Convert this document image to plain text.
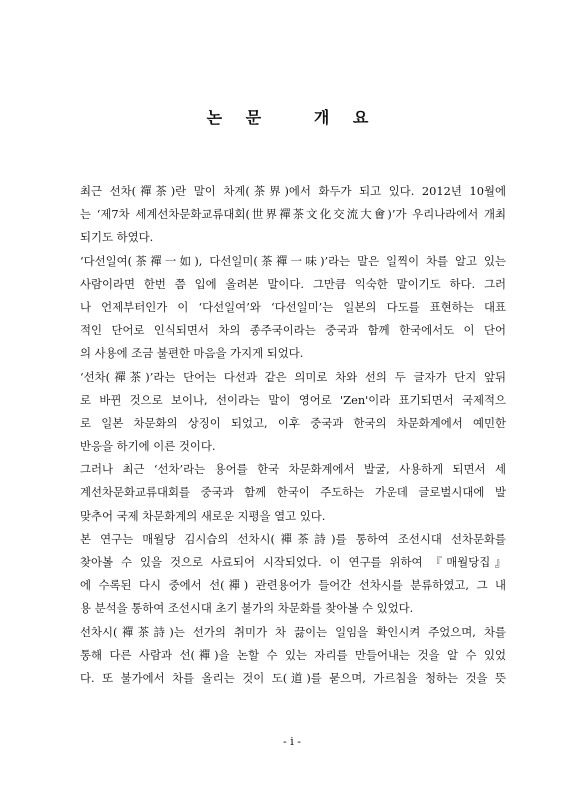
논 문   개 요
최근 선차(禪茶)란 말이 차계(茶界)에서 화두가 되고 있다. 2012년 10월에
는 ‘제7차 세계선차문화교류대회(世界禪茶文化交流大會)’가 우리나라에서 개최
되기도 하였다.
‘다선일여(茶禪一如), 다선일미(茶禪一味)’라는 말은 일찍이 차를 알고 있는
사람이라면 한번 쯤 입에 올려본 말이다. 그만큼 익숙한 말이기도 하다. 그러
나 언제부터인가 이 ‘다선일여’와 ‘다선일미’는 일본의 다도를 표현하는 대표
적인 단어로 인식되면서 차의 종주국이라는 중국과 함께 한국에서도 이 단어
의 사용에 조금 불편한 마음을 가지게 되었다.
‘선차(禪茶)’라는 단어는 다선과 같은 의미로 차와 선의 두 글자가 단지 앞뒤
로 바뀐 것으로 보이나, 선이라는 말이 영어로 'Zen'이라 표기되면서 국제적으
로 일본 차문화의 상징이 되었고, 이후 중국과 한국의 차문화계에서 예민한
반응을 하기에 이른 것이다.
그러나 최근 ‘선차’라는 용어를 한국 차문화계에서 발굴, 사용하게 되면서 세
계선차문화교류대회를 중국과 함께 한국이 주도하는 가운데 글로벌시대에 발
맞추어 국제 차문화계의 새로운 지평을 열고 있다.
본 연구는 매월당 김시습의 선차시(禪茶詩)를 통하여 조선시대 선차문화를
찾아볼 수 있을 것으로 사료되어 시작되었다. 이 연구를 위하여 『매월당집』
에 수록된 다시 중에서 선(禪) 관련용어가 들어간 선차시를 분류하였고, 그 내
용 분석을 통하여 조선시대 초기 불가의 차문화를 찾아볼 수 있었다.
선차시(禪茶詩)는 선가의 취미가 차 끓이는 일임을 확인시켜 주었으며, 차를
통해 다른 사람과 선(禪)을 논할 수 있는 자리를 만들어내는 것을 알 수 있었
다. 또 불가에서 차를 올리는 것이 도(道)를 묻으며, 가르침을 청하는 것을 뜻
- i -
